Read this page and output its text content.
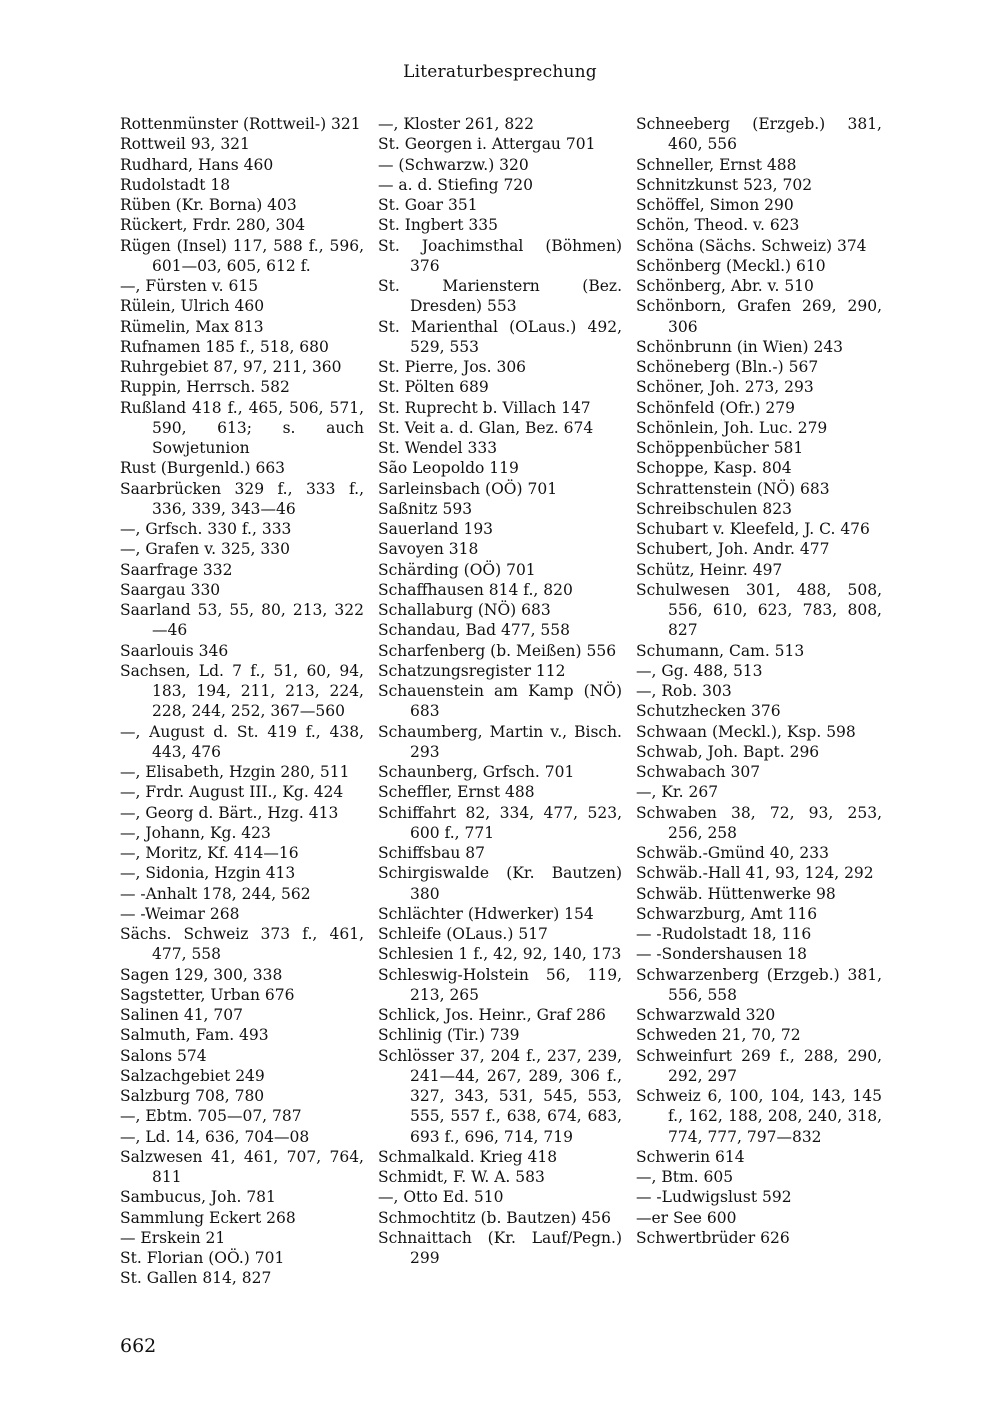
Literaturbesprechung
Rottenmünster (Rottweil-) 321
Rottweil 93, 321
Rudhard, Hans 460
Rudolstadt 18
Rüben (Kr. Borna) 403
Rückert, Frdr. 280, 304
Rügen (Insel) 117, 588 f., 596, 601—03, 605, 612 f.
—, Fürsten v. 615
Rülein, Ulrich 460
Rümelin, Max 813
Rufnamen 185 f., 518, 680
Ruhrgebiet 87, 97, 211, 360
Ruppin, Herrsch. 582
Rußland 418 f., 465, 506, 571, 590, 613; s. auch Sowjetunion
Rust (Burgenld.) 663
Saarbrücken 329 f., 333 f., 336, 339, 343—46
—, Grfsch. 330 f., 333
—, Grafen v. 325, 330
Saarfrage 332
Saargau 330
Saarland 53, 55, 80, 213, 322—46
Saarlouis 346
Sachsen, Ld. 7 f., 51, 60, 94, 183, 194, 211, 213, 224, 228, 244, 252, 367—560
—, August d. St. 419 f., 438, 443, 476
—, Elisabeth, Hzgin 280, 511
—, Frdr. August III., Kg. 424
—, Georg d. Bärt., Hzg. 413
—, Johann, Kg. 423
—, Moritz, Kf. 414—16
—, Sidonia, Hzgin 413
— -Anhalt 178, 244, 562
— -Weimar 268
Sächs. Schweiz 373 f., 461, 477, 558
Sagen 129, 300, 338
Sagstetter, Urban 676
Salinen 41, 707
Salmuth, Fam. 493
Salons 574
Salzachgebiet 249
Salzburg 708, 780
—, Ebtm. 705—07, 787
—, Ld. 14, 636, 704—08
Salzwesen 41, 461, 707, 764, 811
Sambucus, Joh. 781
Sammlung Eckert 268
— Erskein 21
St. Florian (OÖ.) 701
St. Gallen 814, 827
—, Kloster 261, 822
St. Georgen i. Attergau 701
— (Schwarzw.) 320
— a. d. Stiefing 720
St. Goar 351
St. Ingbert 335
St. Joachimsthal (Böhmen) 376
St. Marienstern (Bez. Dresden) 553
St. Marienthal (OLaus.) 492, 529, 553
St. Pierre, Jos. 306
St. Pölten 689
St. Ruprecht b. Villach 147
St. Veit a. d. Glan, Bez. 674
St. Wendel 333
São Leopoldo 119
Sarleinsbach (OÖ) 701
Saßnitz 593
Sauerland 193
Savoyen 318
Schärding (OÖ) 701
Schaffhausen 814 f., 820
Schallaburg (NÖ) 683
Schandau, Bad 477, 558
Scharfenberg (b. Meißen) 556
Schatzungsregister 112
Schauenstein am Kamp (NÖ) 683
Schaumberg, Martin v., Bisch. 293
Schaunberg, Grfsch. 701
Scheffler, Ernst 488
Schiffahrt 82, 334, 477, 523, 600 f., 771
Schiffsbau 87
Schirgiswalde (Kr. Bautzen) 380
Schlächter (Hdwerker) 154
Schleife (OLaus.) 517
Schlesien 1 f., 42, 92, 140, 173
Schleswig-Holstein 56, 119, 213, 265
Schlick, Jos. Heinr., Graf 286
Schlinig (Tir.) 739
Schlösser 37, 204 f., 237, 239, 241—44, 267, 289, 306 f., 327, 343, 531, 545, 553, 555, 557 f., 638, 674, 683, 693 f., 696, 714, 719
Schmalkald. Krieg 418
Schmidt, F. W. A. 583
—, Otto Ed. 510
Schmochtitz (b. Bautzen) 456
Schnaittach (Kr. Lauf/Pegn.) 299
Schneeberg (Erzgeb.) 381, 460, 556
Schneller, Ernst 488
Schnitzkunst 523, 702
Schöffel, Simon 290
Schön, Theod. v. 623
Schöna (Sächs. Schweiz) 374
Schönberg (Meckl.) 610
Schönberg, Abr. v. 510
Schönborn, Grafen 269, 290, 306
Schönbrunn (in Wien) 243
Schöneberg (Bln.-) 567
Schöner, Joh. 273, 293
Schönfeld (Ofr.) 279
Schönlein, Joh. Luc. 279
Schöppenbücher 581
Schoppe, Kasp. 804
Schrattenstein (NÖ) 683
Schreibschulen 823
Schubart v. Kleefeld, J. C. 476
Schubert, Joh. Andr. 477
Schütz, Heinr. 497
Schulwesen 301, 488, 508, 556, 610, 623, 783, 808, 827
Schumann, Cam. 513
—, Gg. 488, 513
—, Rob. 303
Schutzhecken 376
Schwaan (Meckl.), Ksp. 598
Schwab, Joh. Bapt. 296
Schwabach 307
—, Kr. 267
Schwaben 38, 72, 93, 253, 256, 258
Schwäb.-Gmünd 40, 233
Schwäb.-Hall 41, 93, 124, 292
Schwäb. Hüttenwerke 98
Schwarzburg, Amt 116
— -Rudolstadt 18, 116
— -Sondershausen 18
Schwarzenberg (Erzgeb.) 381, 556, 558
Schwarzwald 320
Schweden 21, 70, 72
Schweinfurt 269 f., 288, 290, 292, 297
Schweiz 6, 100, 104, 143, 145 f., 162, 188, 208, 240, 318, 774, 777, 797—832
Schwerin 614
—, Btm. 605
— -Ludwigslust 592
—er See 600
Schwertbrüder 626
662
